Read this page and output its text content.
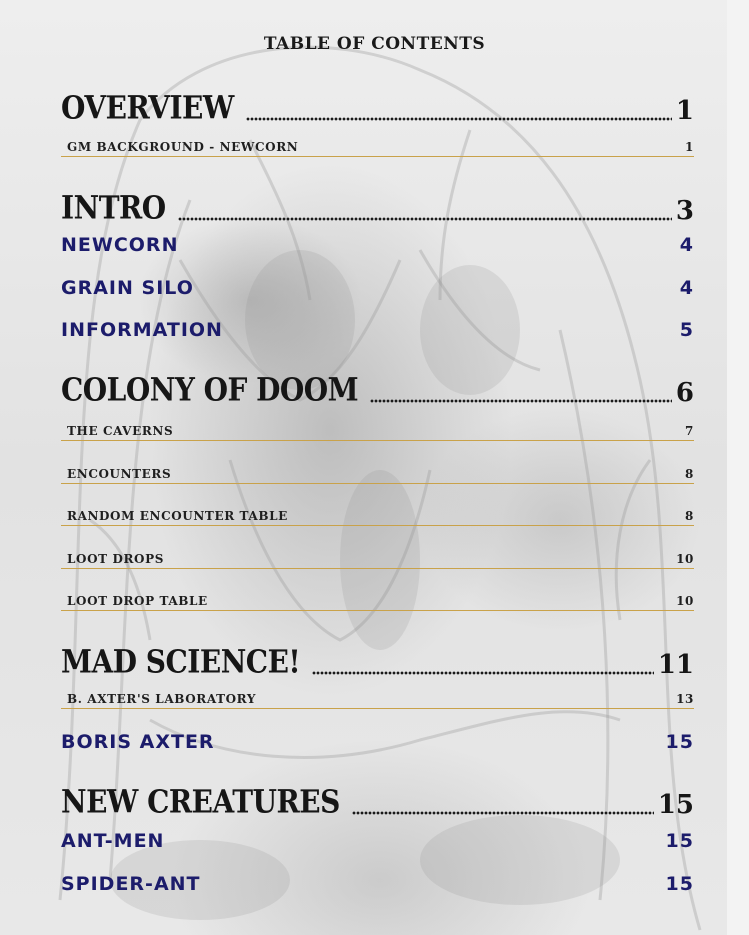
TABLE OF CONTENTS
OVERVIEW	1
GM BACKGROUND - NEWCORN	1
INTRO	3
NEWCORN	4
GRAIN SILO	4
INFORMATION	5
COLONY OF DOOM	6
THE CAVERNS	7
ENCOUNTERS	8
RANDOM ENCOUNTER TABLE	8
LOOT DROPS	10
LOOT DROP TABLE	10
MAD SCIENCE!	11
B. AXTER'S LABORATORY	13
BORIS AXTER	15
NEW CREATURES	15
ANT-MEN	15
SPIDER-ANT	15
